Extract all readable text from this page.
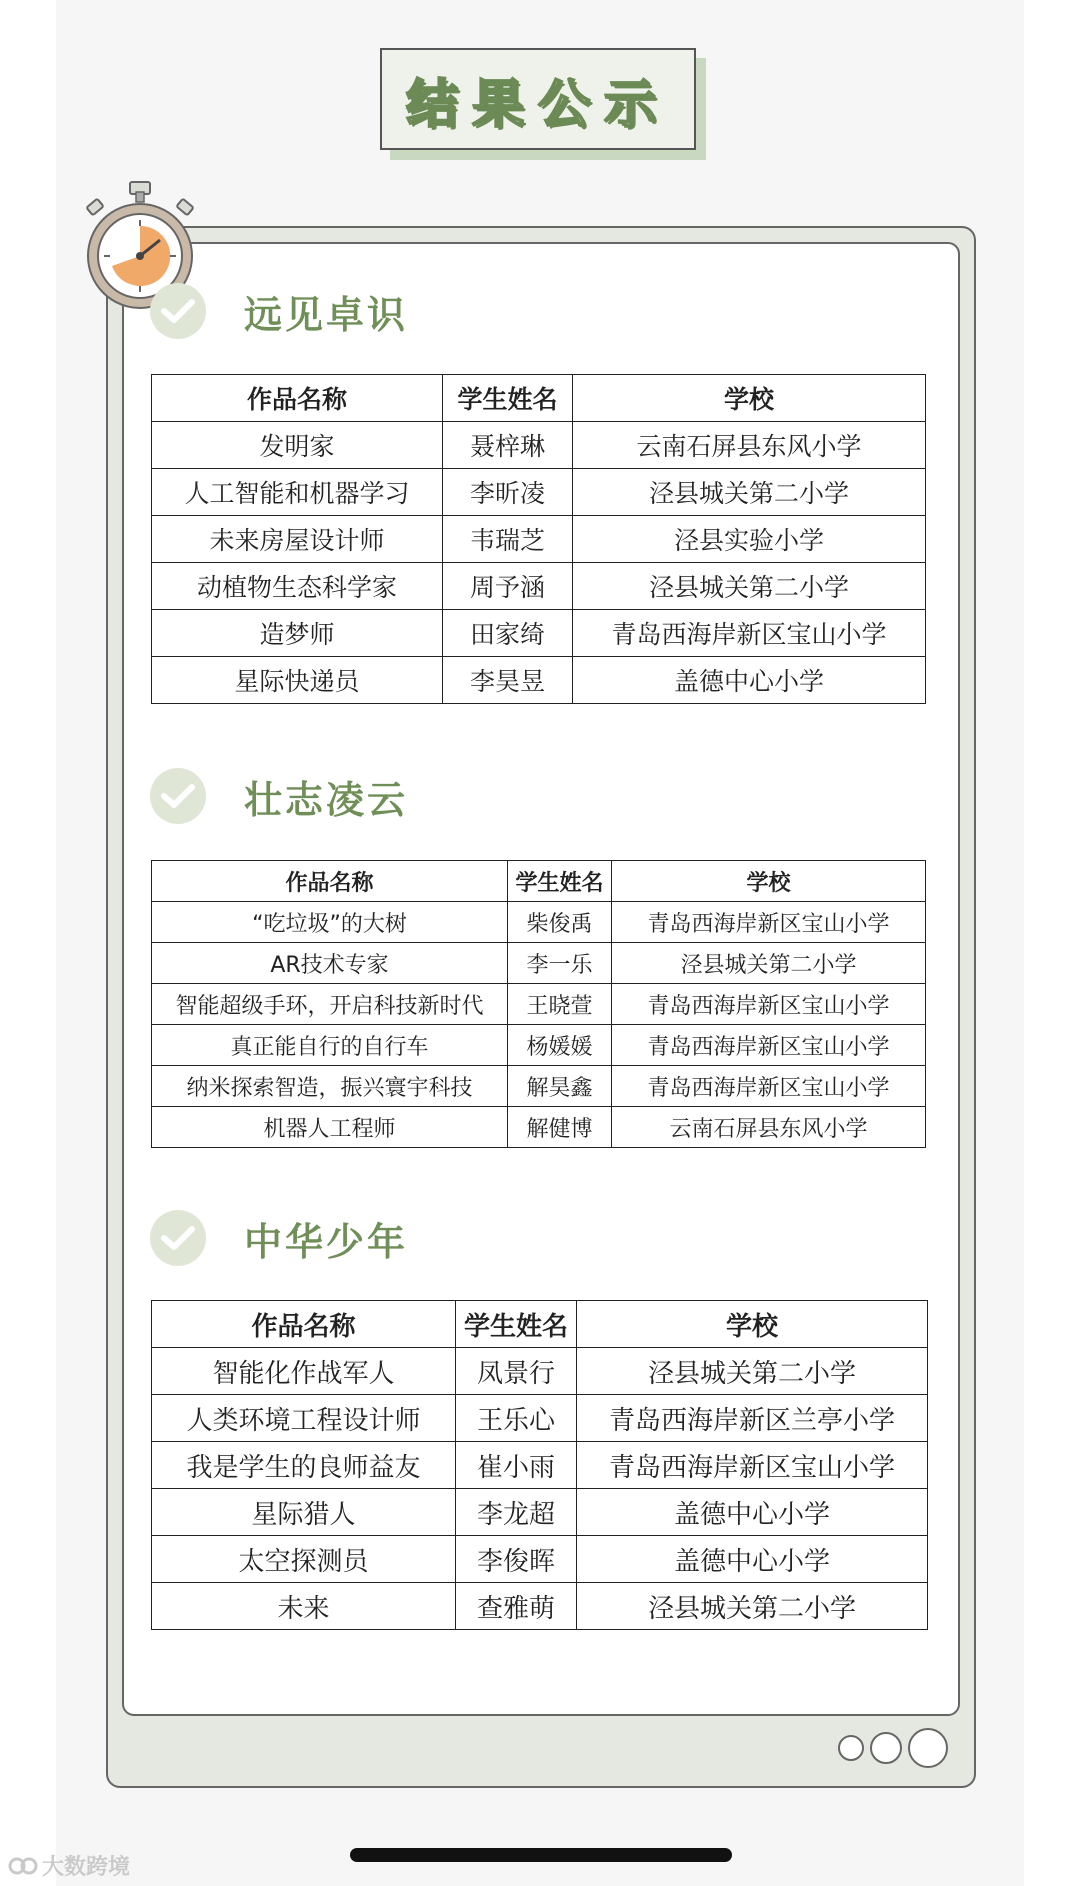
结果公示
远见卓识
作品名称	学生姓名	学校
发明家	聂梓琳	云南石屏县东风小学
人工智能和机器学习	李昕凌	泾县城关第二小学
未来房屋设计师	韦瑞芝	泾县实验小学
动植物生态科学家	周予涵	泾县城关第二小学
造梦师	田家绮	青岛西海岸新区宝山小学
星际快递员	李昊昱	盖德中心小学
壮志凌云
作品名称	学生姓名	学校
“吃垃圾”的大树	柴俊禹	青岛西海岸新区宝山小学
AR技术专家	李一乐	泾县城关第二小学
智能超级手环，开启科技新时代	王晓萱	青岛西海岸新区宝山小学
真正能自行的自行车	杨媛媛	青岛西海岸新区宝山小学
纳米探索智造，振兴寰宇科技	解昊鑫	青岛西海岸新区宝山小学
机器人工程师	解健博	云南石屏县东风小学
中华少年
作品名称	学生姓名	学校
智能化作战军人	凤景行	泾县城关第二小学
人类环境工程设计师	王乐心	青岛西海岸新区兰亭小学
我是学生的良师益友	崔小雨	青岛西海岸新区宝山小学
星际猎人	李龙超	盖德中心小学
太空探测员	李俊晖	盖德中心小学
未来	查雅萌	泾县城关第二小学
大数跨境
